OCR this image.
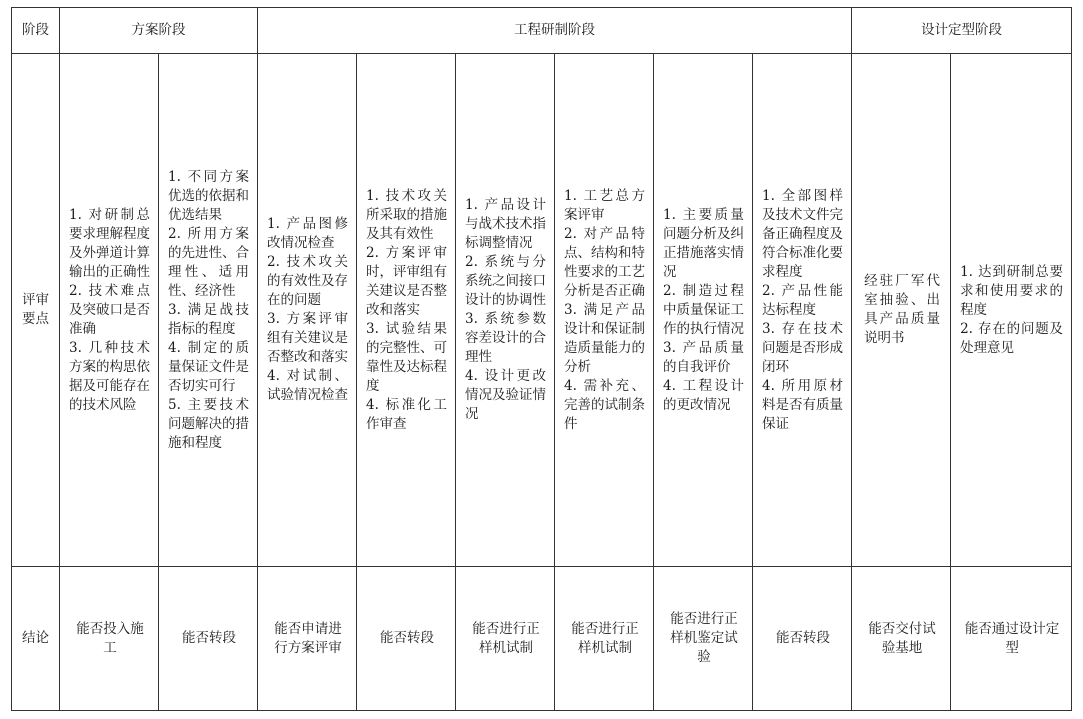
阶段	方案阶段		工程研制阶段						设计定型阶段	
评审要点	1. 对研制总要求理解程度及外弹道计算输出的正确性
2. 技术难点及突破口是否准确
3. 几种技术方案的构思依据及可能存在的技术风险	1. 不同方案优选的依据和优选结果
2. 所用方案的先进性、合理性、适用性、经济性
3. 满足战技指标的程度
4. 制定的质量保证文件是否切实可行
5. 主要技术问题解决的措施和程度	1. 产品图修改情况检查
2. 技术攻关的有效性及存在的问题
3. 方案评审组有关建议是否整改和落实
4. 对试制、试验情况检查	1. 技术攻关所采取的措施及其有效性
2. 方案评审时，评审组有关建议是否整改和落实
3. 试验结果的完整性、可靠性及达标程度
4. 标准化工作审查	1. 产品设计与战术技术指标调整情况
2. 系统与分系统之间接口设计的协调性
3. 系统参数容差设计的合理性
4. 设计更改情况及验证情况	1. 工艺总方案评审
2. 对产品特点、结构和特性要求的工艺分析是否正确
3. 满足产品设计和保证制造质量能力的分析
4. 需补充、完善的试制条件	1. 主要质量问题分析及纠正措施落实情况
2. 制造过程中质量保证工作的执行情况
3. 产品质量的自我评价
4. 工程设计的更改情况	1. 全部图样及技术文件完备正确程度及符合标准化要求程度
2. 产品性能达标程度
3. 存在技术问题是否形成闭环
4. 所用原材料是否有质量保证	经驻厂军代室抽验、出具产品质量说明书	1. 达到研制总要求和使用要求的程度
2. 存在的问题及处理意见

结论	能否投入施工	能否转段	能否申请进行方案评审	能否转段	能否进行正样机试制	能否进行正样机试制	能否进行正样机鉴定试验	能否转段	能否交付试验基地	能否通过设计定型
